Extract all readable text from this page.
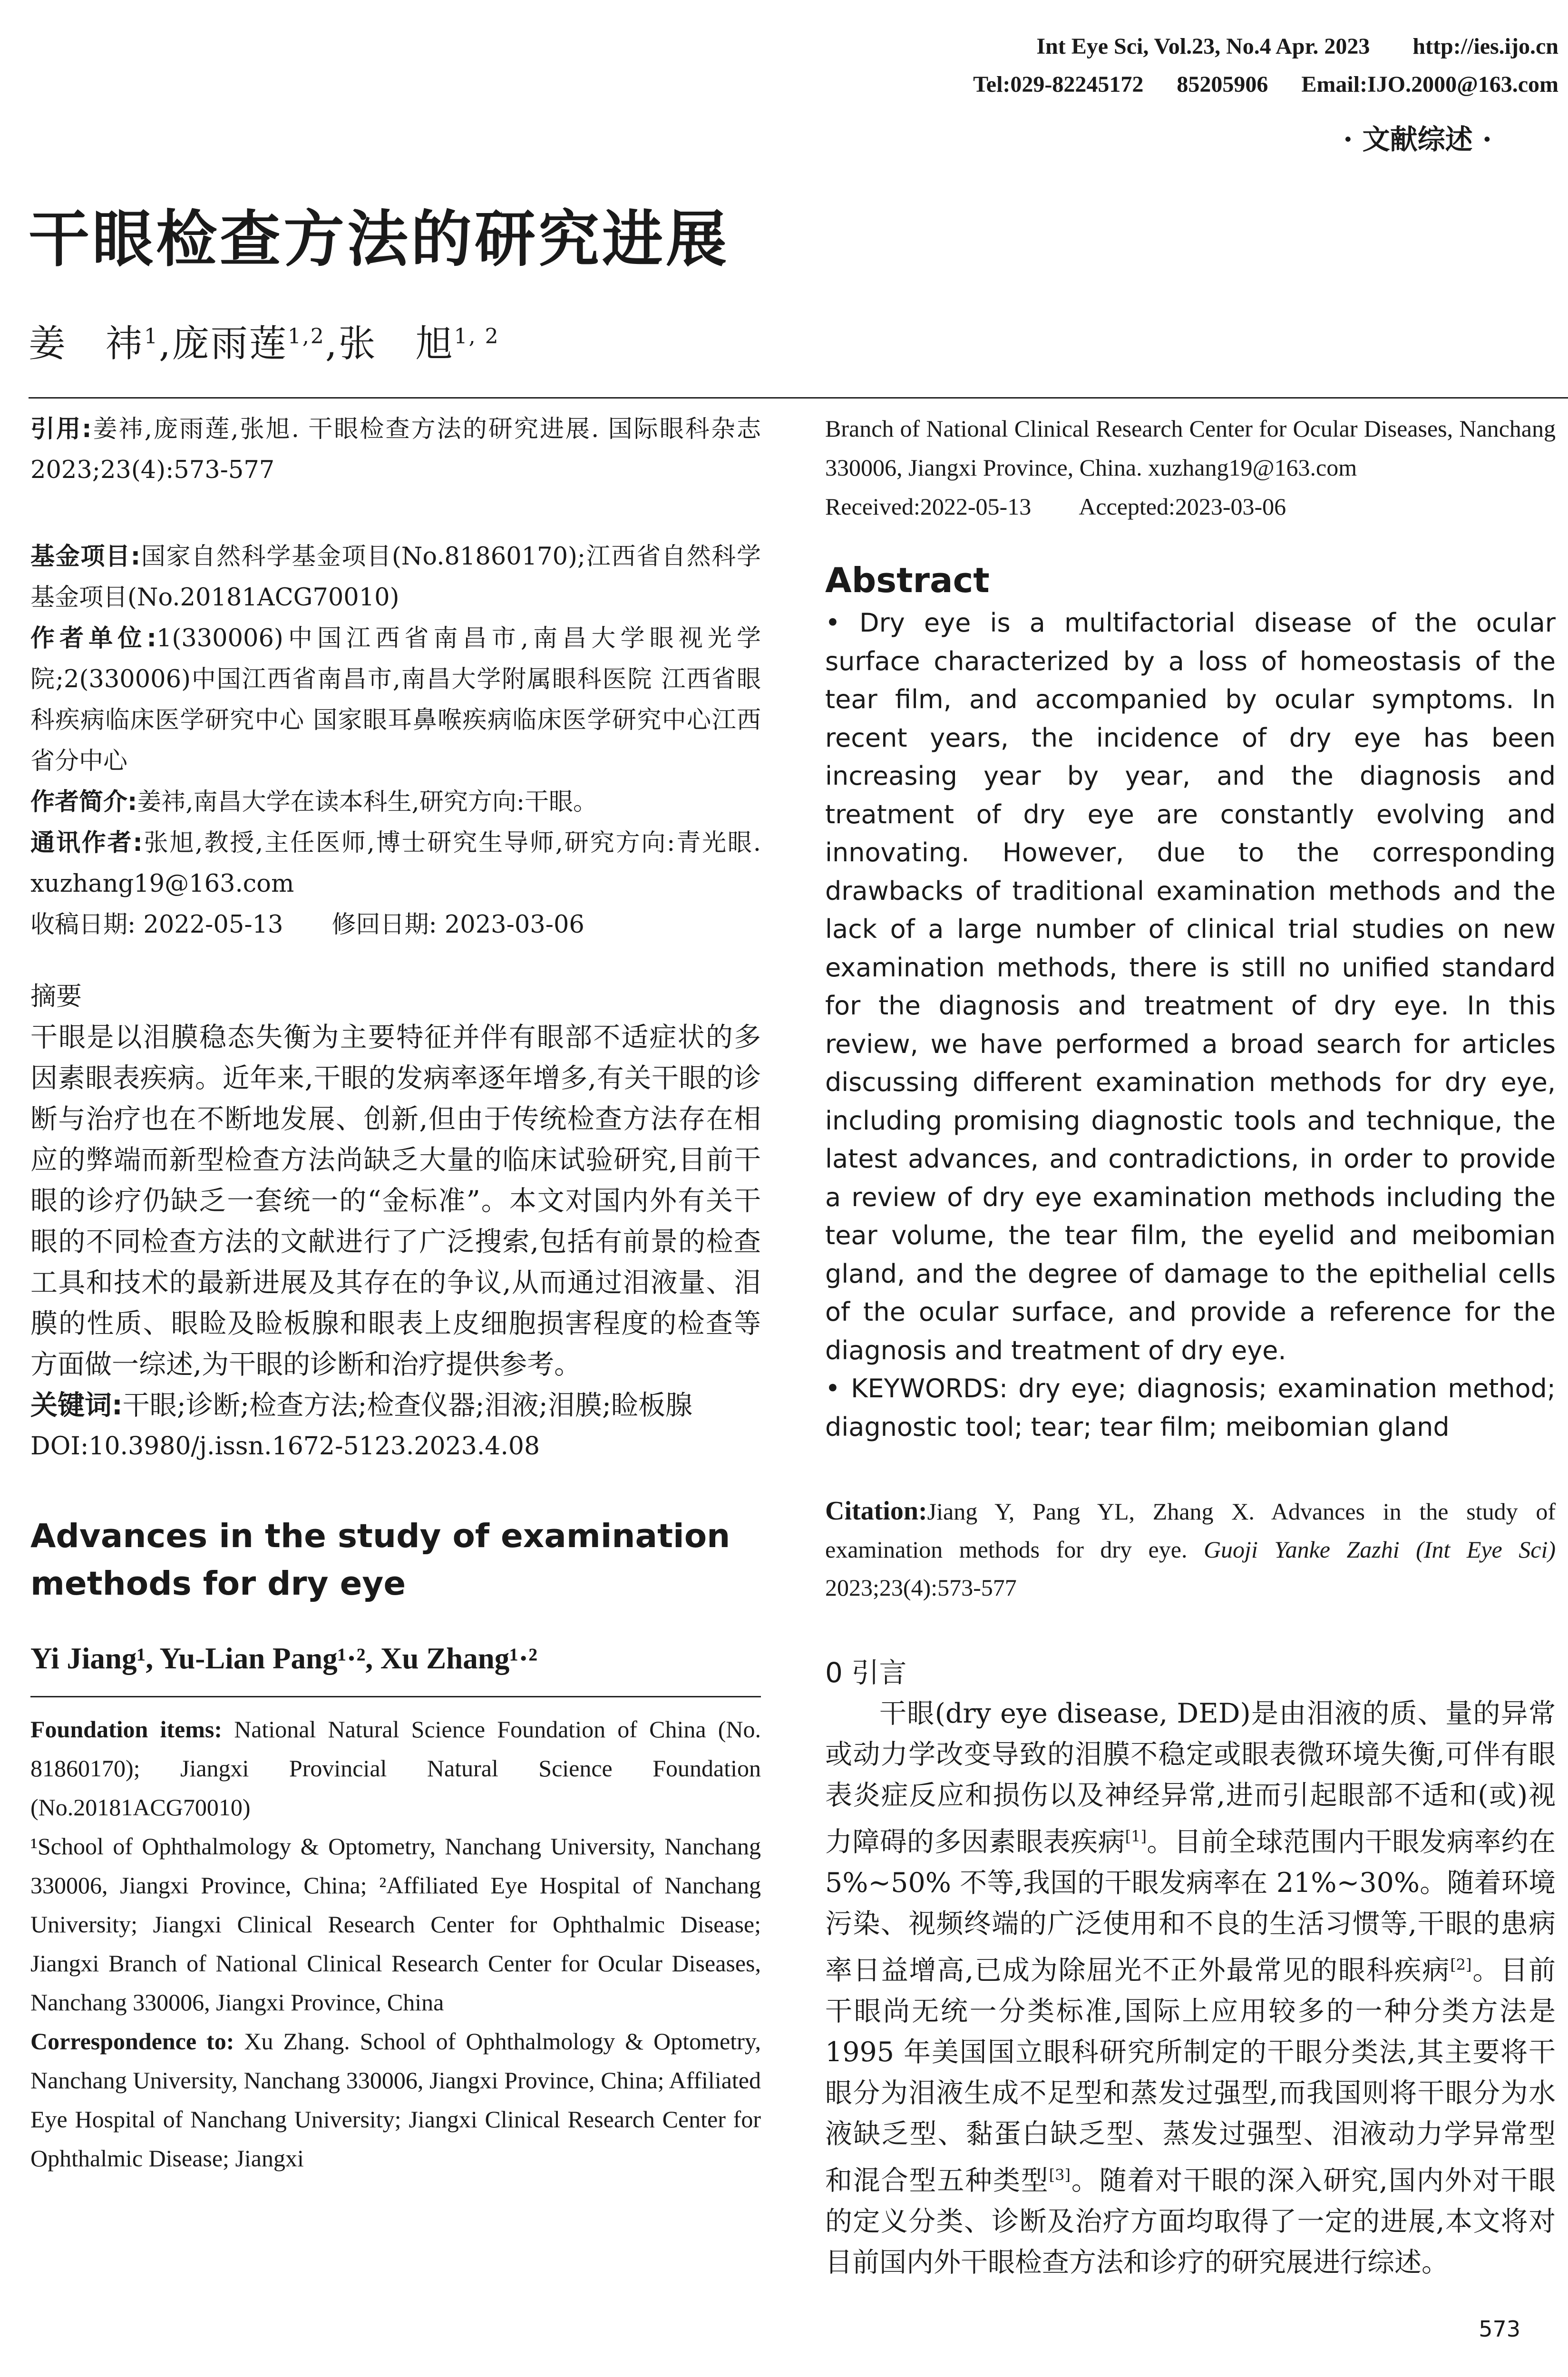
Int Eye Sci, Vol.23, No.4 Apr. 2023 http://ies.ijo.cn
Tel:029-82245172 85205906 Email:IJO.2000@163.com
· 文献综述 ·
干眼检查方法的研究进展
姜　祎$^1$,庞雨莲$^{1,2}$,张　旭$^{1, 2}$

引用:姜祎,庞雨莲,张旭. 干眼检查方法的研究进展. 国际眼科杂志 2023;23(4):573-577

基金项目:国家自然科学基金项目(No.81860170);江西省自然科学基金项目(No.20181ACG70010)

作者单位:1(330006)中国江西省南昌市,南昌大学眼视光学院;2(330006)中国江西省南昌市,南昌大学附属眼科医院 江西省眼科疾病临床医学研究中心 国家眼耳鼻喉疾病临床医学研究中心江西省分中心

作者简介:姜祎,南昌大学在读本科生,研究方向:干眼。

通讯作者:张旭,教授,主任医师,博士研究生导师,研究方向:青光眼. xuzhang19@163.com

收稿日期: 2022-05-13　　修回日期: 2023-03-06

摘要

干眼是以泪膜稳态失衡为主要特征并伴有眼部不适症状的多因素眼表疾病。近年来,干眼的发病率逐年增多,有关干眼的诊断与治疗也在不断地发展、创新,但由于传统检查方法存在相应的弊端而新型检查方法尚缺乏大量的临床试验研究,目前干眼的诊疗仍缺乏一套统一的“金标准”。本文对国内外有关干眼的不同检查方法的文献进行了广泛搜索,包括有前景的检查工具和技术的最新进展及其存在的争议,从而通过泪液量、泪膜的性质、眼睑及睑板腺和眼表上皮细胞损害程度的检查等方面做一综述,为干眼的诊断和治疗提供参考。

关键词:干眼;诊断;检查方法;检查仪器;泪液;泪膜;睑板腺

DOI:10.3980/j.issn.1672-5123.2023.4.08

Advances in the study of examination methods for dry eye

Yi Jiang¹, Yu-Lian Pang¹·², Xu Zhang¹·²

Foundation items: National Natural Science Foundation of China (No. 81860170); Jiangxi Provincial Natural Science Foundation (No.20181ACG70010)

¹School of Ophthalmology & Optometry, Nanchang University, Nanchang 330006, Jiangxi Province, China; ²Affiliated Eye Hospital of Nanchang University; Jiangxi Clinical Research Center for Ophthalmic Disease; Jiangxi Branch of National Clinical Research Center for Ocular Diseases, Nanchang 330006, Jiangxi Province, China

Correspondence to: Xu Zhang. School of Ophthalmology & Optometry, Nanchang University, Nanchang 330006, Jiangxi Province, China; Affiliated Eye Hospital of Nanchang University; Jiangxi Clinical Research Center for Ophthalmic Disease; Jiangxi

Branch of National Clinical Research Center for Ocular Diseases, Nanchang 330006, Jiangxi Province, China. xuzhang19@163.com

Received:2022-05-13　　Accepted:2023-03-06

Abstract

• Dry eye is a multifactorial disease of the ocular surface characterized by a loss of homeostasis of the tear film, and accompanied by ocular symptoms. In recent years, the incidence of dry eye has been increasing year by year, and the diagnosis and treatment of dry eye are constantly evolving and innovating. However, due to the corresponding drawbacks of traditional examination methods and the lack of a large number of clinical trial studies on new examination methods, there is still no unified standard for the diagnosis and treatment of dry eye. In this review, we have performed a broad search for articles discussing different examination methods for dry eye, including promising diagnostic tools and technique, the latest advances, and contradictions, in order to provide a review of dry eye examination methods including the tear volume, the tear film, the eyelid and meibomian gland, and the degree of damage to the epithelial cells of the ocular surface, and provide a reference for the diagnosis and treatment of dry eye.

• KEYWORDS: dry eye; diagnosis; examination method; diagnostic tool; tear; tear film; meibomian gland

Citation:Jiang Y, Pang YL, Zhang X. Advances in the study of examination methods for dry eye. Guoji Yanke Zazhi (Int Eye Sci) 2023;23(4):573-577

0 引言

干眼(dry eye disease, DED)是由泪液的质、量的异常或动力学改变导致的泪膜不稳定或眼表微环境失衡,可伴有眼表炎症反应和损伤以及神经异常,进而引起眼部不适和(或)视力障碍的多因素眼表疾病[1]。目前全球范围内干眼发病率约在 5%~50% 不等,我国的干眼发病率在 21%~30%。随着环境污染、视频终端的广泛使用和不良的生活习惯等,干眼的患病率日益增高,已成为除屈光不正外最常见的眼科疾病[2]。目前干眼尚无统一分类标准,国际上应用较多的一种分类方法是 1995 年美国国立眼科研究所制定的干眼分类法,其主要将干眼分为泪液生成不足型和蒸发过强型,而我国则将干眼分为水液缺乏型、黏蛋白缺乏型、蒸发过强型、泪液动力学异常型和混合型五种类型[3]。随着对干眼的深入研究,国内外对干眼的定义分类、诊断及治疗方面均取得了一定的进展,本文将对目前国内外干眼检查方法和诊疗的研究展进行综述。

573
